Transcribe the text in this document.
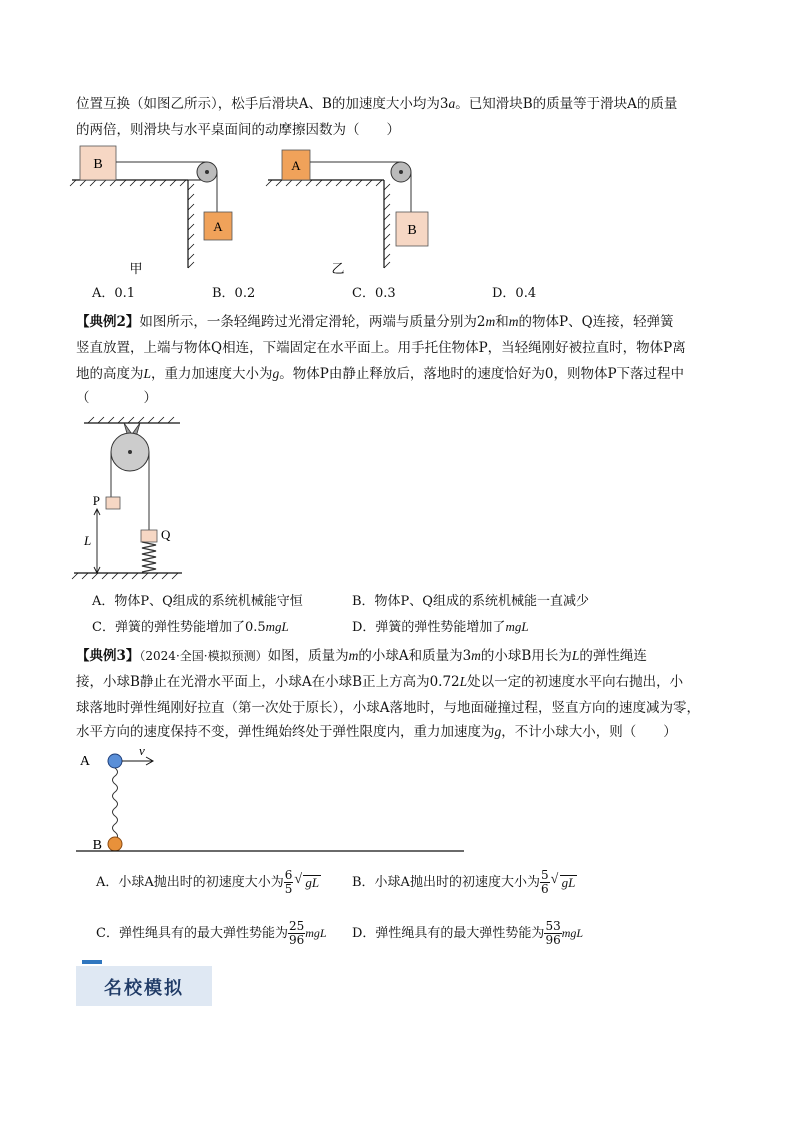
位置互换（如图乙所示），松手后滑块A、B的加速度大小均为3a。已知滑块B的质量等于滑块A的质量
的两倍，则滑块与水平桌面间的动摩擦因数为（　　）
B
A
甲
A
B
乙
A．0.1	B．0.2	C．0.3	D．0.4
【典例2】如图所示，一条轻绳跨过光滑定滑轮，两端与质量分别为2m和m的物体P、Q连接，轻弹簧
竖直放置，上端与物体Q相连，下端固定在水平面上。用手托住物体P，当轻绳刚好被拉直时，物体P离
地的高度为L，重力加速度大小为g。物体P由静止释放后，落地时的速度恰好为0，则物体P下落过程中
（　　　　）
P
Q
L
A．物体P、Q组成的系统机械能守恒	B．物体P、Q组成的系统机械能一直减少
C．弹簧的弹性势能增加了0.5mgL	D．弹簧的弹性势能增加了mgL
【典例3】（2024·全国·模拟预测）如图，质量为m的小球A和质量为3m的小球B用长为L的弹性绳连
接，小球B静止在光滑水平面上，小球A在小球B正上方高为0.72L处以一定的初速度水平向右抛出，小
球落地时弹性绳刚好拉直（第一次处于原长），小球A落地时，与地面碰撞过程，竖直方向的速度减为零，
水平方向的速度保持不变，弹性绳始终处于弹性限度内，重力加速度为g，不计小球大小，则（　　）
A
v
B
A．小球A抛出时的初速度大小为 $\frac{6}{5}$ √ gL	B．小球A抛出时的初速度大小为 $\frac{5}{6}$ √ gL
C．弹性绳具有的最大弹性势能为 $\frac{25}{96}$ mgL D．弹性绳具有的最大弹性势能为 $\frac{53}{96}$ mgL
名校模拟
